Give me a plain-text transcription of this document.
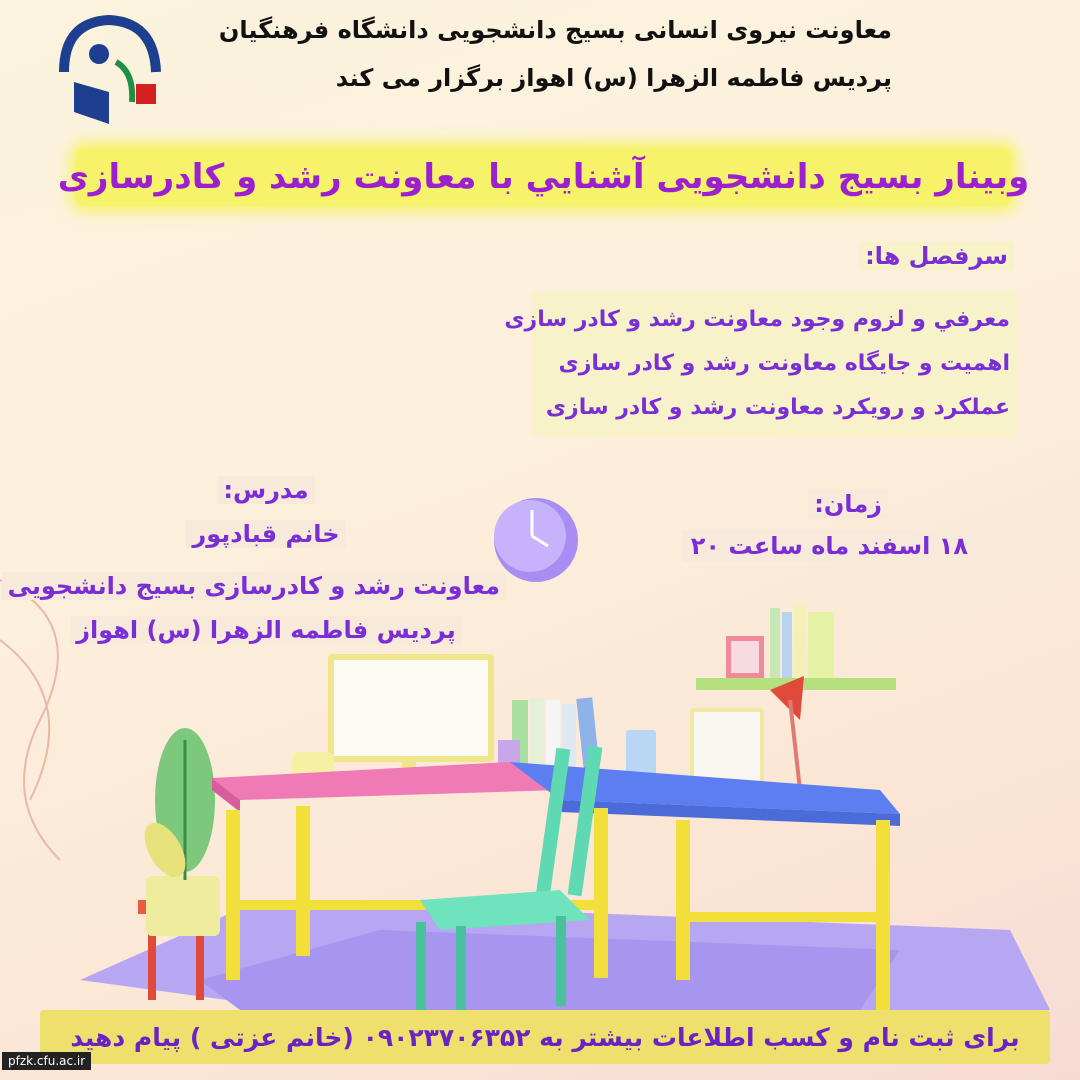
معاونت نیروی انسانی بسیج دانشجویی دانشگاه فرهنگیان
پردیس فاطمه الزهرا (س) اهواز برگزار می کند
وبینار بسیج دانشجویی آشنايي با معاونت رشد و کادرسازی
سرفصل ها:
معرفي و لزوم وجود معاونت رشد و کادر سازی
اهمیت و جایگاه معاونت رشد و کادر سازی
عملکرد و رویکرد معاونت رشد و کادر سازی
زمان:
۱۸ اسفند ماه ساعت ۲۰
مدرس:
خانم قبادپور
معاونت رشد و کادرسازی بسیج دانشجویی
پردیس فاطمه الزهرا (س) اهواز
برای ثبت نام و کسب اطلاعات بیشتر به ۰۹۰۲۳۷۰۶۳۵۲ (خانم عزتی ) پیام دهید
pfzk.cfu.ac.ir
